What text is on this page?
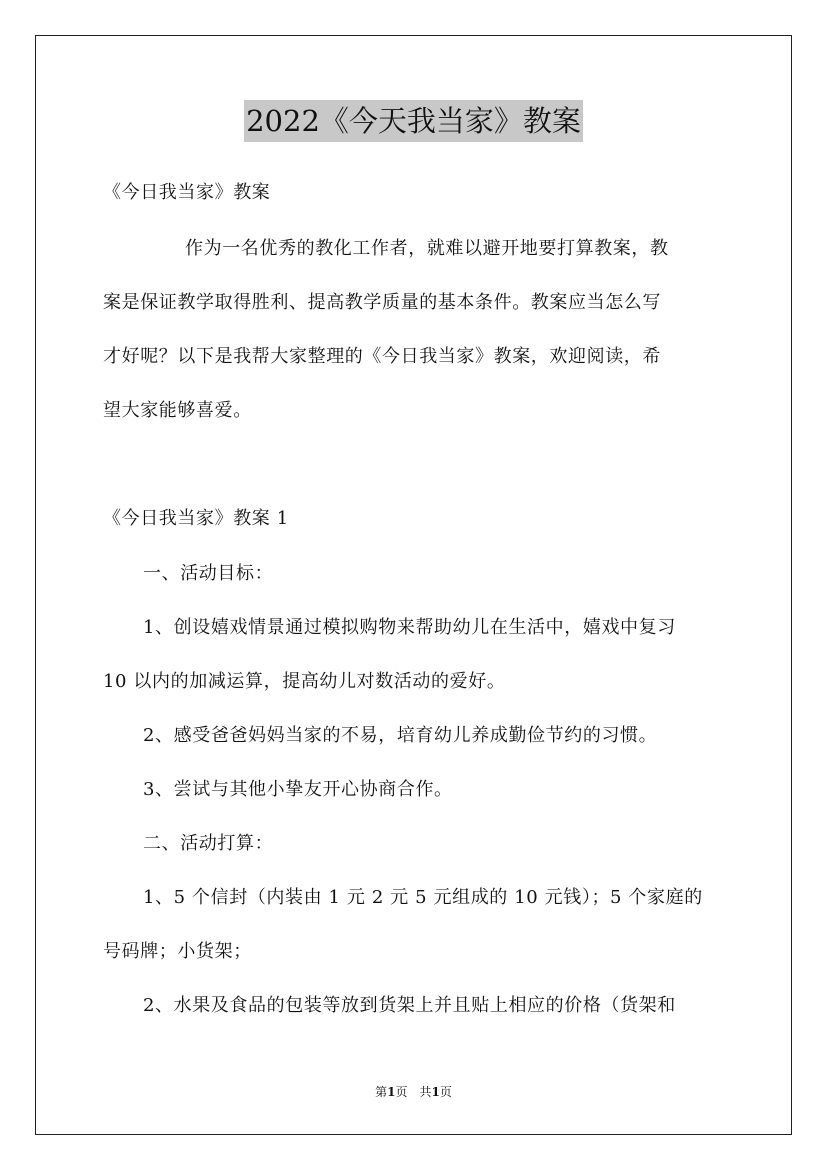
2022《今天我当家》教案
《今日我当家》教案
作为一名优秀的教化工作者，就难以避开地要打算教案，教
案是保证教学取得胜利、提高教学质量的基本条件。教案应当怎么写
才好呢？以下是我帮大家整理的《今日我当家》教案，欢迎阅读，希
望大家能够喜爱。
《今日我当家》教案 1
一、活动目标：
1、创设嬉戏情景通过模拟购物来帮助幼儿在生活中，嬉戏中复习
10 以内的加减运算，提高幼儿对数活动的爱好。
2、感受爸爸妈妈当家的不易，培育幼儿养成勤俭节约的习惯。
3、尝试与其他小挚友开心协商合作。
二、活动打算：
1、5 个信封（内装由 1 元 2 元 5 元组成的 10 元钱）；5 个家庭的
号码牌；小货架；
2、水果及食品的包装等放到货架上并且贴上相应的价格（货架和
第1页　共1页
